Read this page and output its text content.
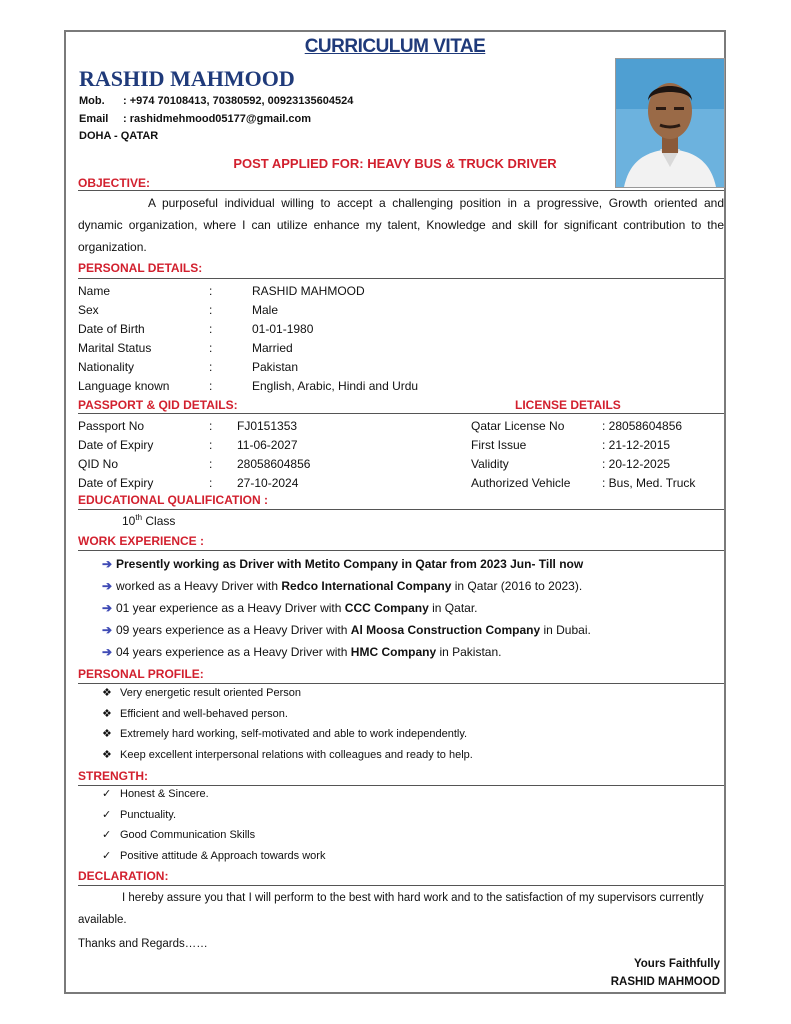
CURRICULUM VITAE
RASHID MAHMOOD
Mob. : +974 70108413, 70380592, 00923135604524
Email : rashidmehmood05177@gmail.com
DOHA - QATAR
POST APPLIED FOR: HEAVY BUS & TRUCK DRIVER
OBJECTIVE:
A purposeful individual willing to accept a challenging position in a progressive, Growth oriented and dynamic organization, where I can utilize enhance my talent, Knowledge and skill for significant contribution to the organization.
PERSONAL DETAILS:
Name	:	RASHID MAHMOOD
Sex	:	Male
Date of Birth	:	01-01-1980
Marital Status	:	Married
Nationality	:	Pakistan
Language known	:	English, Arabic, Hindi and Urdu
PASSPORT & QID DETAILS:	LICENSE DETAILS
Passport No	: FJ0151353
Date of Expiry	: 11-06-2027
QID No	: 28058604856
Date of Expiry	: 27-10-2024
Qatar License No	: 28058604856
First Issue	: 21-12-2015
Validity	: 20-12-2025
Authorized Vehicle	: Bus, Med. Truck
EDUCATIONAL QUALIFICATION :
10th Class
WORK EXPERIENCE :
➔ Presently working as Driver with Metito Company in Qatar from 2023 Jun- Till now
➔ worked as a Heavy Driver with Redco International Company in Qatar (2016 to 2023).
➔ 01 year experience as a Heavy Driver with CCC Company in Qatar.
➔ 09 years experience as a Heavy Driver with Al Moosa Construction Company in Dubai.
➔ 04 years experience as a Heavy Driver with HMC Company in Pakistan.
PERSONAL PROFILE:
❖ Very energetic result oriented Person
❖ Efficient and well-behaved person.
❖ Extremely hard working, self-motivated and able to work independently.
❖ Keep excellent interpersonal relations with colleagues and ready to help.
STRENGTH:
✓ Honest & Sincere.
✓ Punctuality.
✓ Good Communication Skills
✓ Positive attitude & Approach towards work
DECLARATION:
I hereby assure you that I will perform to the best with hard work and to the satisfaction of my supervisors currently available.
Thanks and Regards……
Yours Faithfully
RASHID MAHMOOD
